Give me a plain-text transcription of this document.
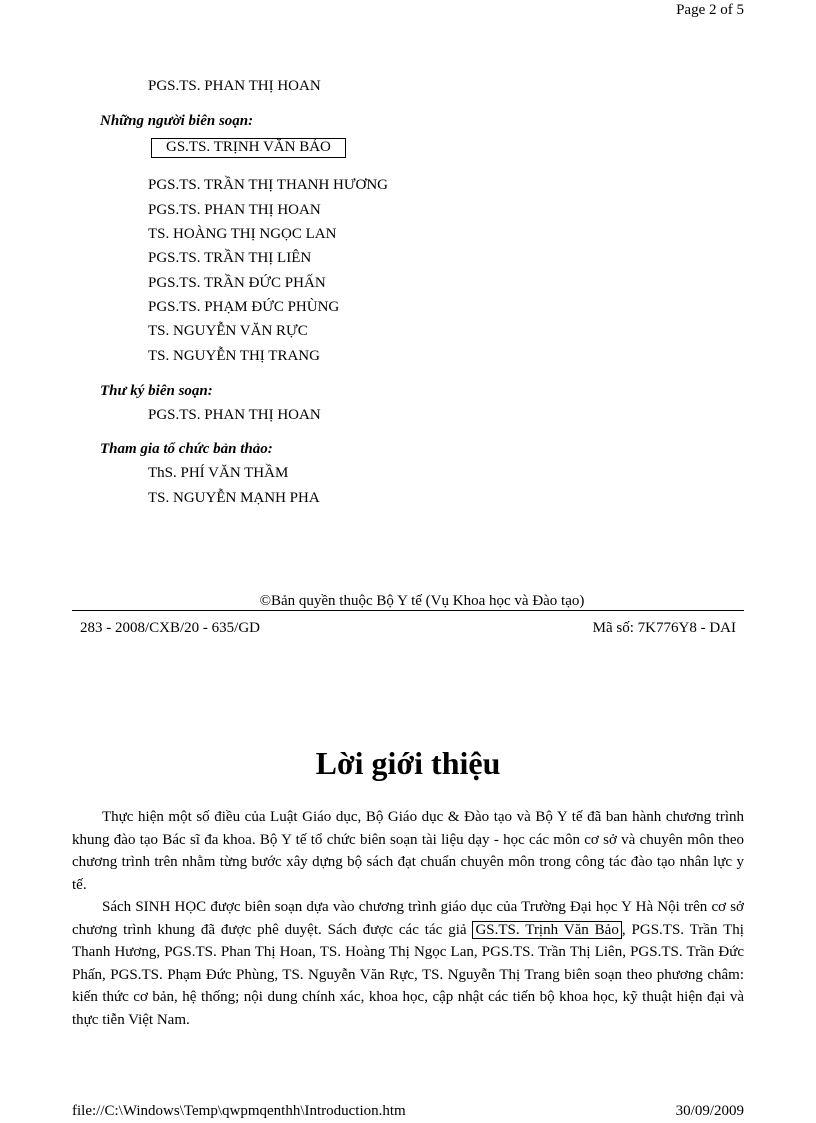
Page 2 of 5
PGS.TS. PHAN THỊ HOAN
Những người biên soạn:
GS.TS. TRỊNH VĂN BẢO
PGS.TS. TRẦN THỊ THANH HƯƠNG
PGS.TS. PHAN THỊ HOAN
TS. HOÀNG THỊ NGỌC LAN
PGS.TS. TRẦN THỊ LIÊN
PGS.TS. TRẦN ĐỨC PHẤN
PGS.TS. PHẠM ĐỨC PHÙNG
TS. NGUYỄN VĂN RỰC
TS. NGUYỄN THỊ TRANG
Thư ký biên soạn:
PGS.TS. PHAN THỊ HOAN
Tham gia tổ chức bản thảo:
ThS. PHÍ VĂN THẦM
TS. NGUYỄN MẠNH PHA
©Bản quyền thuộc Bộ Y tế (Vụ Khoa học và Đào tạo)
283 - 2008/CXB/20 - 635/GD	Mã số: 7K776Y8 - DAI
Lời giới thiệu

Thực hiện một số điều của Luật Giáo dục, Bộ Giáo dục & Đào tạo và Bộ Y tế đã ban hành chương trình khung đào tạo Bác sĩ đa khoa. Bộ Y tế tổ chức biên soạn tài liệu dạy - học các môn cơ sở và chuyên môn theo chương trình trên nhằm từng bước xây dựng bộ sách đạt chuẩn chuyên môn trong công tác đào tạo nhân lực y tế.

Sách SINH HỌC được biên soạn dựa vào chương trình giáo dục của Trường Đại học Y Hà Nội trên cơ sở chương trình khung đã được phê duyệt. Sách được các tác giả GS.TS. Trịnh Văn Bảo , PGS.TS. Trần Thị Thanh Hương, PGS.TS. Phan Thị Hoan, TS. Hoàng Thị Ngọc Lan, PGS.TS. Trần Thị Liên, PGS.TS. Trần Đức Phấn, PGS.TS. Phạm Đức Phùng, TS. Nguyễn Văn Rực, TS. Nguyễn Thị Trang biên soạn theo phương châm: kiến thức cơ bản, hệ thống; nội dung chính xác, khoa học, cập nhật các tiến bộ khoa học, kỹ thuật hiện đại và thực tiễn Việt Nam.

file://C:\Windows\Temp\qwpmqenthh\Introduction.htm	30/09/2009
